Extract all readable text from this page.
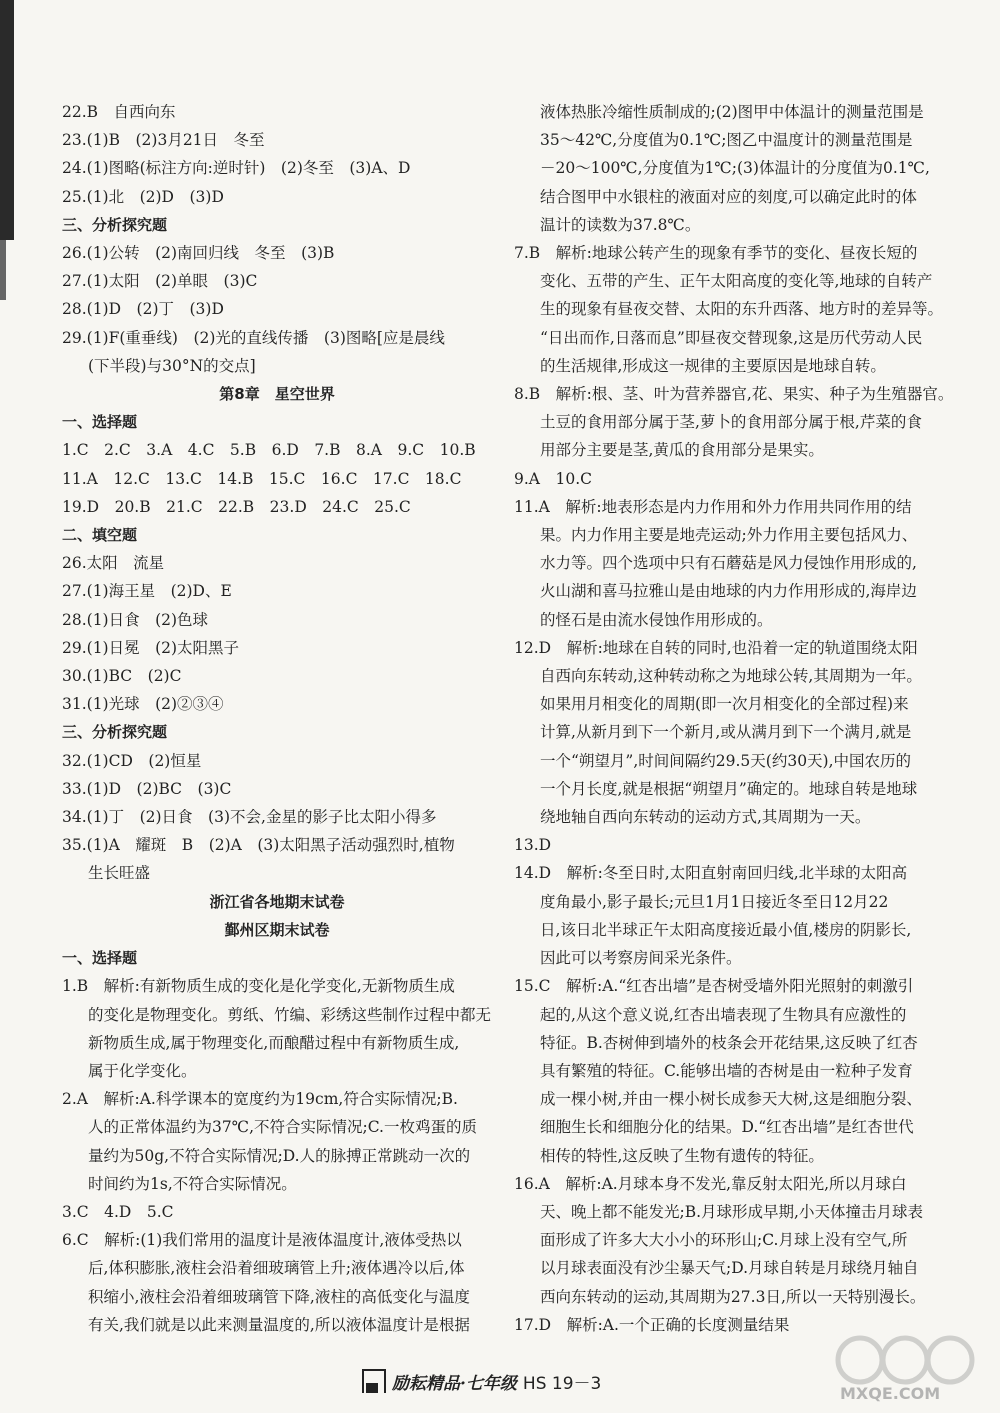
22.B　自西向东
23.(1)B　(2)3月21日　冬至
24.(1)图略(标注方向:逆时针)　(2)冬至　(3)A、D
25.(1)北　(2)D　(3)D
三、分析探究题
26.(1)公转　(2)南回归线　冬至　(3)B
27.(1)太阳　(2)单眼　(3)C
28.(1)D　(2)丁　(3)D
29.(1)F(重垂线)　(2)光的直线传播　(3)图略[应是晨线
(下半段)与30°N的交点]
第8章　星空世界
一、选择题
1.C　2.C　3.A　4.C　5.B　6.D　7.B　8.A　9.C　10.B
11.A　12.C　13.C　14.B　15.C　16.C　17.C　18.C
19.D　20.B　21.C　22.B　23.D　24.C　25.C
二、填空题
26.太阳　流星
27.(1)海王星　(2)D、E
28.(1)日食　(2)色球
29.(1)日冕　(2)太阳黑子
30.(1)BC　(2)C
31.(1)光球　(2)②③④
三、分析探究题
32.(1)CD　(2)恒星
33.(1)D　(2)BC　(3)C
34.(1)丁　(2)日食　(3)不会,金星的影子比太阳小得多
35.(1)A　耀斑　B　(2)A　(3)太阳黑子活动强烈时,植物
生长旺盛
浙江省各地期末试卷
鄞州区期末试卷
一、选择题
1.B　解析:有新物质生成的变化是化学变化,无新物质生成
的变化是物理变化。剪纸、竹编、彩绣这些制作过程中都无
新物质生成,属于物理变化,而酿醋过程中有新物质生成,
属于化学变化。
2.A　解析:A.科学课本的宽度约为19cm,符合实际情况;B.
人的正常体温约为37℃,不符合实际情况;C.一枚鸡蛋的质
量约为50g,不符合实际情况;D.人的脉搏正常跳动一次的
时间约为1s,不符合实际情况。
3.C　4.D　5.C
6.C　解析:(1)我们常用的温度计是液体温度计,液体受热以
后,体积膨胀,液柱会沿着细玻璃管上升;液体遇冷以后,体
积缩小,液柱会沿着细玻璃管下降,液柱的高低变化与温度
有关,我们就是以此来测量温度的,所以液体温度计是根据
液体热胀冷缩性质制成的;(2)图甲中体温计的测量范围是
35～42℃,分度值为0.1℃;图乙中温度计的测量范围是
－20～100℃,分度值为1℃;(3)体温计的分度值为0.1℃,
结合图甲中水银柱的液面对应的刻度,可以确定此时的体
温计的读数为37.8℃。
7.B　解析:地球公转产生的现象有季节的变化、昼夜长短的
变化、五带的产生、正午太阳高度的变化等,地球的自转产
生的现象有昼夜交替、太阳的东升西落、地方时的差异等。
“日出而作,日落而息”即昼夜交替现象,这是历代劳动人民
的生活规律,形成这一规律的主要原因是地球自转。
8.B　解析:根、茎、叶为营养器官,花、果实、种子为生殖器官。
土豆的食用部分属于茎,萝卜的食用部分属于根,芹菜的食
用部分主要是茎,黄瓜的食用部分是果实。
9.A　10.C
11.A　解析:地表形态是内力作用和外力作用共同作用的结
果。内力作用主要是地壳运动;外力作用主要包括风力、
水力等。四个选项中只有石蘑菇是风力侵蚀作用形成的,
火山湖和喜马拉雅山是由地球的内力作用形成的,海岸边
的怪石是由流水侵蚀作用形成的。
12.D　解析:地球在自转的同时,也沿着一定的轨道围绕太阳
自西向东转动,这种转动称之为地球公转,其周期为一年。
如果用月相变化的周期(即一次月相变化的全部过程)来
计算,从新月到下一个新月,或从满月到下一个满月,就是
一个“朔望月”,时间间隔约29.5天(约30天),中国农历的
一个月长度,就是根据“朔望月”确定的。地球自转是地球
绕地轴自西向东转动的运动方式,其周期为一天。
13.D
14.D　解析:冬至日时,太阳直射南回归线,北半球的太阳高
度角最小,影子最长;元旦1月1日接近冬至日12月22
日,该日北半球正午太阳高度接近最小值,楼房的阴影长,
因此可以考察房间采光条件。
15.C　解析:A.“红杏出墙”是杏树受墙外阳光照射的刺激引
起的,从这个意义说,红杏出墙表现了生物具有应激性的
特征。B.杏树伸到墙外的枝条会开花结果,这反映了红杏
具有繁殖的特征。C.能够出墙的杏树是由一粒种子发育
成一棵小树,并由一棵小树长成参天大树,这是细胞分裂、
细胞生长和细胞分化的结果。D.“红杏出墙”是红杏世代
相传的特性,这反映了生物有遗传的特征。
16.A　解析:A.月球本身不发光,靠反射太阳光,所以月球白
天、晚上都不能发光;B.月球形成早期,小天体撞击月球表
面形成了许多大大小小的环形山;C.月球上没有空气,所
以月球表面没有沙尘暴天气;D.月球自转是月球绕月轴自
西向东转动的运动,其周期为27.3日,所以一天特别漫长。
17.D　解析:A.一个正确的长度测量结果
励耘精品·七年级 HS 19－3	MXQE.COM
